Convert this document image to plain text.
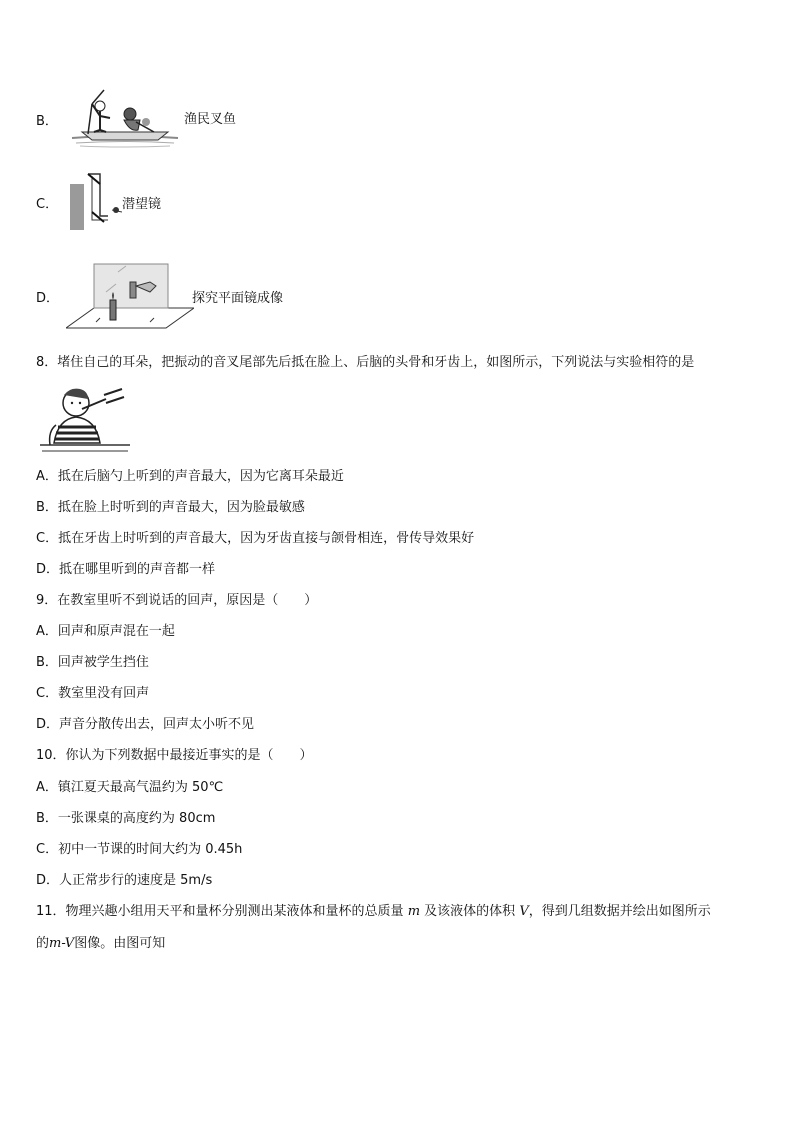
B．	渔民叉鱼
C．	潜望镜
D．	探究平面镜成像
8．堵住自己的耳朵，把振动的音叉尾部先后抵在脸上、后脑的头骨和牙齿上，如图所示，下列说法与实验相符的是
A．抵在后脑勺上听到的声音最大，因为它离耳朵最近
B．抵在脸上时听到的声音最大，因为脸最敏感
C．抵在牙齿上时听到的声音最大，因为牙齿直接与颌骨相连，骨传导效果好
D．抵在哪里听到的声音都一样
9．在教室里听不到说话的回声，原因是（　　）
A．回声和原声混在一起
B．回声被学生挡住
C．教室里没有回声
D．声音分散传出去，回声太小听不见
10．你认为下列数据中最接近事实的是（　　）
A．镇江夏天最高气温约为 50℃
B．一张课桌的高度约为 80cm
C．初中一节课的时间大约为 0.45h
D．人正常步行的速度是 5m/s
11．物理兴趣小组用天平和量杯分别测出某液体和量杯的总质量 m 及该液体的体积 V，得到几组数据并绘出如图所示
的m-V图像。由图可知
